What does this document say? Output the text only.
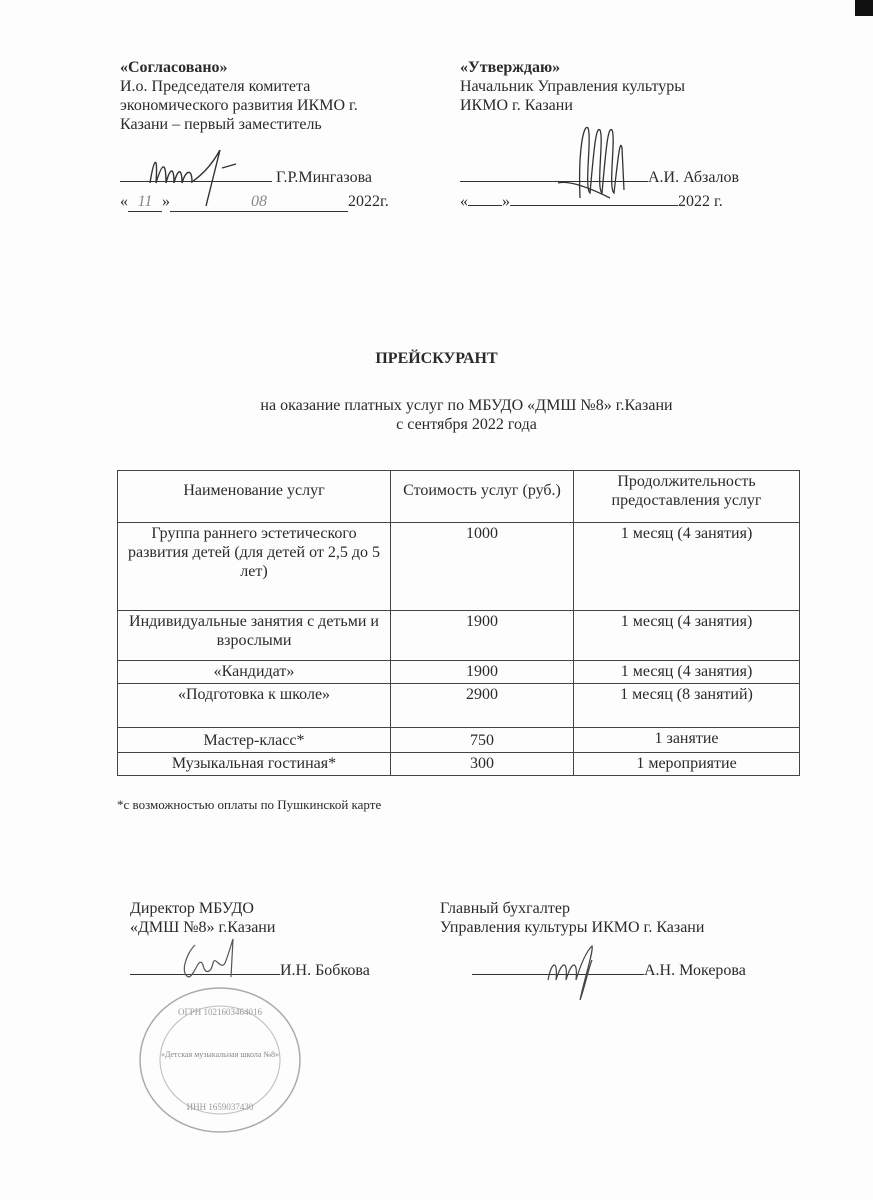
«Согласовано»
И.о. Председателя комитета
экономического развития ИКМО г.
Казани – первый заместитель
Г.Р.Мингазова
« 11 »	08	2022г.
«Утверждаю»
Начальник Управления культуры
ИКМО г. Казани
А.И. Абзалов
« »	2022 г.
ПРЕЙСКУРАНТ
на оказание платных услуг по МБУДО «ДМШ №8» г.Казани
с сентября 2022 года
Наименование услуг	Стоимость услуг (руб.)	Продолжительность предоставления услуг
Группа раннего эстетического развития детей (для детей от 2,5 до 5 лет)	1000	1 месяц (4 занятия)
Индивидуальные занятия с детьми и взрослыми	1900	1 месяц (4 занятия)
«Кандидат»	1900	1 месяц (4 занятия)
«Подготовка к школе»	2900	1 месяц (8 занятий)
Мастер-класс*	750	1 занятие
Музыкальная гостиная*	300	1 мероприятие
*с возможностью оплаты по Пушкинской карте
Директор МБУДО
«ДМШ №8» г.Казани
И.Н. Бобкова
ОГРН 1021603464016
«Детская музыкальная школа №8»
ИНН 1659037430
Главный бухгалтер
Управления культуры ИКМО г. Казани
А.Н. Мокерова
